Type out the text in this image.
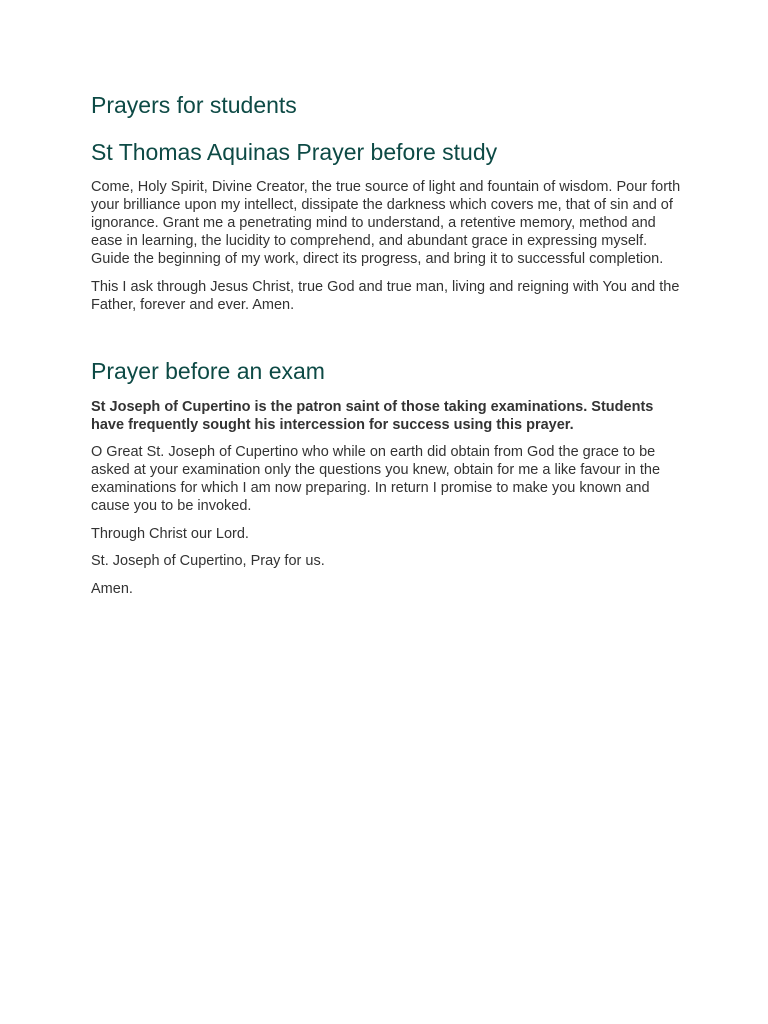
Prayers for students
St Thomas Aquinas Prayer before study

Come, Holy Spirit, Divine Creator, the true source of light and fountain of wisdom. Pour forth your brilliance upon my intellect, dissipate the darkness which covers me, that of sin and of ignorance. Grant me a penetrating mind to understand, a retentive memory, method and ease in learning, the lucidity to comprehend, and abundant grace in expressing myself. Guide the beginning of my work, direct its progress, and bring it to successful completion.

This I ask through Jesus Christ, true God and true man, living and reigning with You and the Father, forever and ever. Amen.

Prayer before an exam

St Joseph of Cupertino is the patron saint of those taking examinations. Students have frequently sought his intercession for success using this prayer.

O Great St. Joseph of Cupertino who while on earth did obtain from God the grace to be asked at your examination only the questions you knew, obtain for me a like favour in the examinations for which I am now preparing. In return I promise to make you known and cause you to be invoked.

Through Christ our Lord.

St. Joseph of Cupertino, Pray for us.

Amen.
